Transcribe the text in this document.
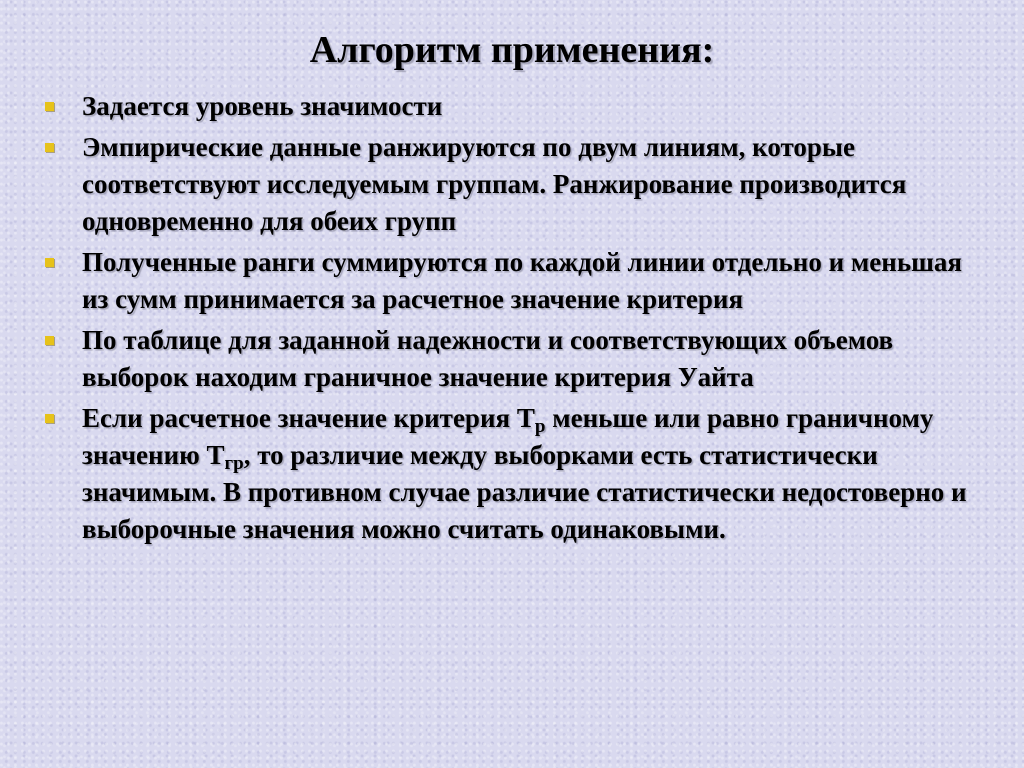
Алгоритм применения:
Задается уровень значимости
Эмпирические данные ранжируются по двум линиям, которые соответствуют исследуемым группам. Ранжирование производится одновременно для обеих групп
Полученные ранги суммируются по каждой линии отдельно и меньшая из сумм принимается за расчетное значение критерия
По таблице для заданной надежности и соответствующих объемов выборок находим граничное значение критерия Уайта
Если расчетное значение критерия $Т_р$ меньше или равно граничному значению $Т_{гр}$, то различие между выборками есть статистически значимым. В противном случае различие статистически недостоверно и выборочные значения можно считать одинаковыми.
